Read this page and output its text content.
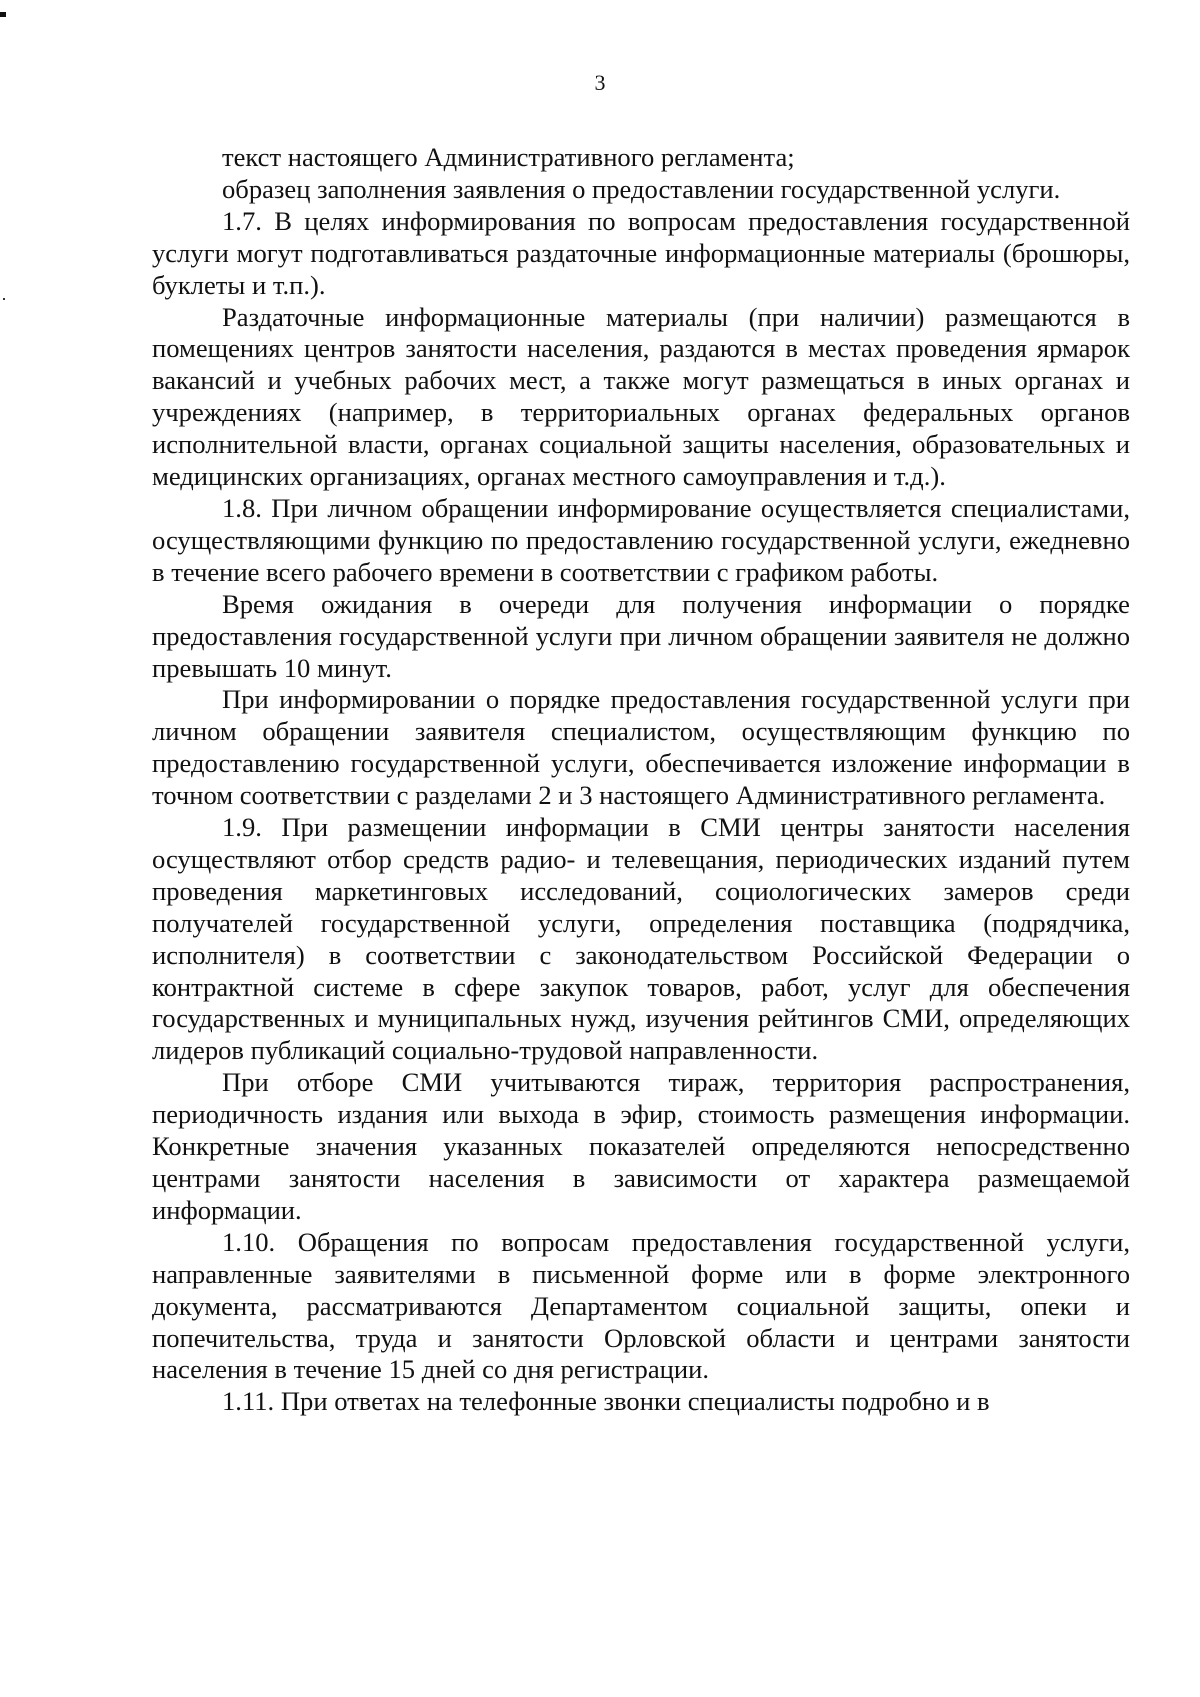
3

текст настоящего Административного регламента;

образец заполнения заявления о предоставлении государственной услуги.

1.7. В целях информирования по вопросам предоставления государственной услуги могут подготавливаться раздаточные информационные материалы (брошюры, буклеты и т.п.).

Раздаточные информационные материалы (при наличии) размещаются в помещениях центров занятости населения, раздаются в местах проведения ярмарок вакансий и учебных рабочих мест, а также могут размещаться в иных органах и учреждениях (например, в территориальных органах федеральных органов исполнительной власти, органах социальной защиты населения, образовательных и медицинских организациях, органах местного самоуправления и т.д.).

1.8. При личном обращении информирование осуществляется специалистами, осуществляющими функцию по предоставлению государственной услуги, ежедневно в течение всего рабочего времени в соответствии с графиком работы.

Время ожидания в очереди для получения информации о порядке предоставления государственной услуги при личном обращении заявителя не должно превышать 10 минут.

При информировании о порядке предоставления государственной услуги при личном обращении заявителя специалистом, осуществляющим функцию по предоставлению государственной услуги, обеспечивается изложение информации в точном соответствии с разделами 2 и 3 настоящего Административного регламента.

1.9. При размещении информации в СМИ центры занятости населения осуществляют отбор средств радио- и телевещания, периодических изданий путем проведения маркетинговых исследований, социологических замеров среди получателей государственной услуги, определения поставщика (подрядчика, исполнителя) в соответствии с законодательством Российской Федерации о контрактной системе в сфере закупок товаров, работ, услуг для обеспечения государственных и муниципальных нужд, изучения рейтингов СМИ, определяющих лидеров публикаций социально-трудовой направленности.

При отборе СМИ учитываются тираж, территория распространения, периодичность издания или выхода в эфир, стоимость размещения информации. Конкретные значения указанных показателей определяются непосредственно центрами занятости населения в зависимости от характера размещаемой информации.

1.10. Обращения по вопросам предоставления государственной услуги, направленные заявителями в письменной форме или в форме электронного документа, рассматриваются Департаментом социальной защиты, опеки и попечительства, труда и занятости Орловской области и центрами занятости населения в течение 15 дней со дня регистрации.

1.11. При ответах на телефонные звонки специалисты подробно и в
